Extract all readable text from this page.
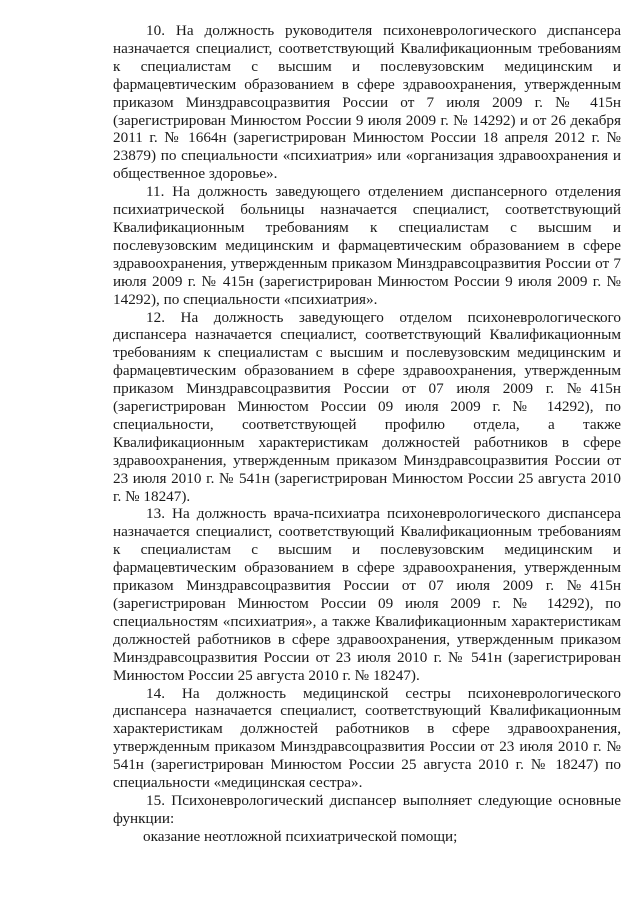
10. На должность руководителя психоневрологического диспансера назначается специалист, соответствующий Квалификационным требованиям к специалистам с высшим и послевузовским медицинским и фармацевтическим образованием в сфере здравоохранения, утвержденным приказом Минздравсоцразвития России от 7 июля 2009 г. № 415н (зарегистрирован Минюстом России 9 июля 2009 г. № 14292) и от 26 декабря 2011 г. № 1664н (зарегистрирован Минюстом России 18 апреля 2012 г. № 23879) по специальности «психиатрия» или «организация здравоохранения и общественное здоровье».

11. На должность заведующего отделением диспансерного отделения психиатрической больницы назначается специалист, соответствующий Квалификационным требованиям к специалистам с высшим и послевузовским медицинским и фармацевтическим образованием в сфере здравоохранения, утвержденным приказом Минздравсоцразвития России от 7 июля 2009 г. № 415н (зарегистрирован Минюстом России 9 июля 2009 г. № 14292), по специальности «психиатрия».

12. На должность заведующего отделом психоневрологического диспансера назначается специалист, соответствующий Квалификационным требованиям к специалистам с высшим и послевузовским медицинским и фармацевтическим образованием в сфере здравоохранения, утвержденным приказом Минздравсоцразвития России от 07 июля 2009 г. №415н (зарегистрирован Минюстом России 09 июля 2009 г. № 14292), по специальности, соответствующей профилю отдела, а также Квалификационным характеристикам должностей работников в сфере здравоохранения, утвержденным приказом Минздравсоцразвития России от 23 июля 2010 г. № 541н (зарегистрирован Минюстом России 25 августа 2010 г. № 18247).

13. На должность врача-психиатра психоневрологического диспансера назначается специалист, соответствующий Квалификационным требованиям к специалистам с высшим и послевузовским медицинским и фармацевтическим образованием в сфере здравоохранения, утвержденным приказом Минздравсоцразвития России от 07 июля 2009 г. №415н (зарегистрирован Минюстом России 09 июля 2009 г. № 14292), по специальностям «психиатрия», а также Квалификационным характеристикам должностей работников в сфере здравоохранения, утвержденным приказом Минздравсоцразвития России от 23 июля 2010 г. № 541н (зарегистрирован Минюстом России 25 августа 2010 г. № 18247).

14. На должность медицинской сестры психоневрологического диспансера назначается специалист, соответствующий Квалификационным характеристикам должностей работников в сфере здравоохранения, утвержденным приказом Минздравсоцразвития России от 23 июля 2010 г. № 541н (зарегистрирован Минюстом России 25 августа 2010 г. № 18247) по специальности «медицинская сестра».

15. Психоневрологический диспансер выполняет следующие основные функции:

оказание неотложной психиатрической помощи;
